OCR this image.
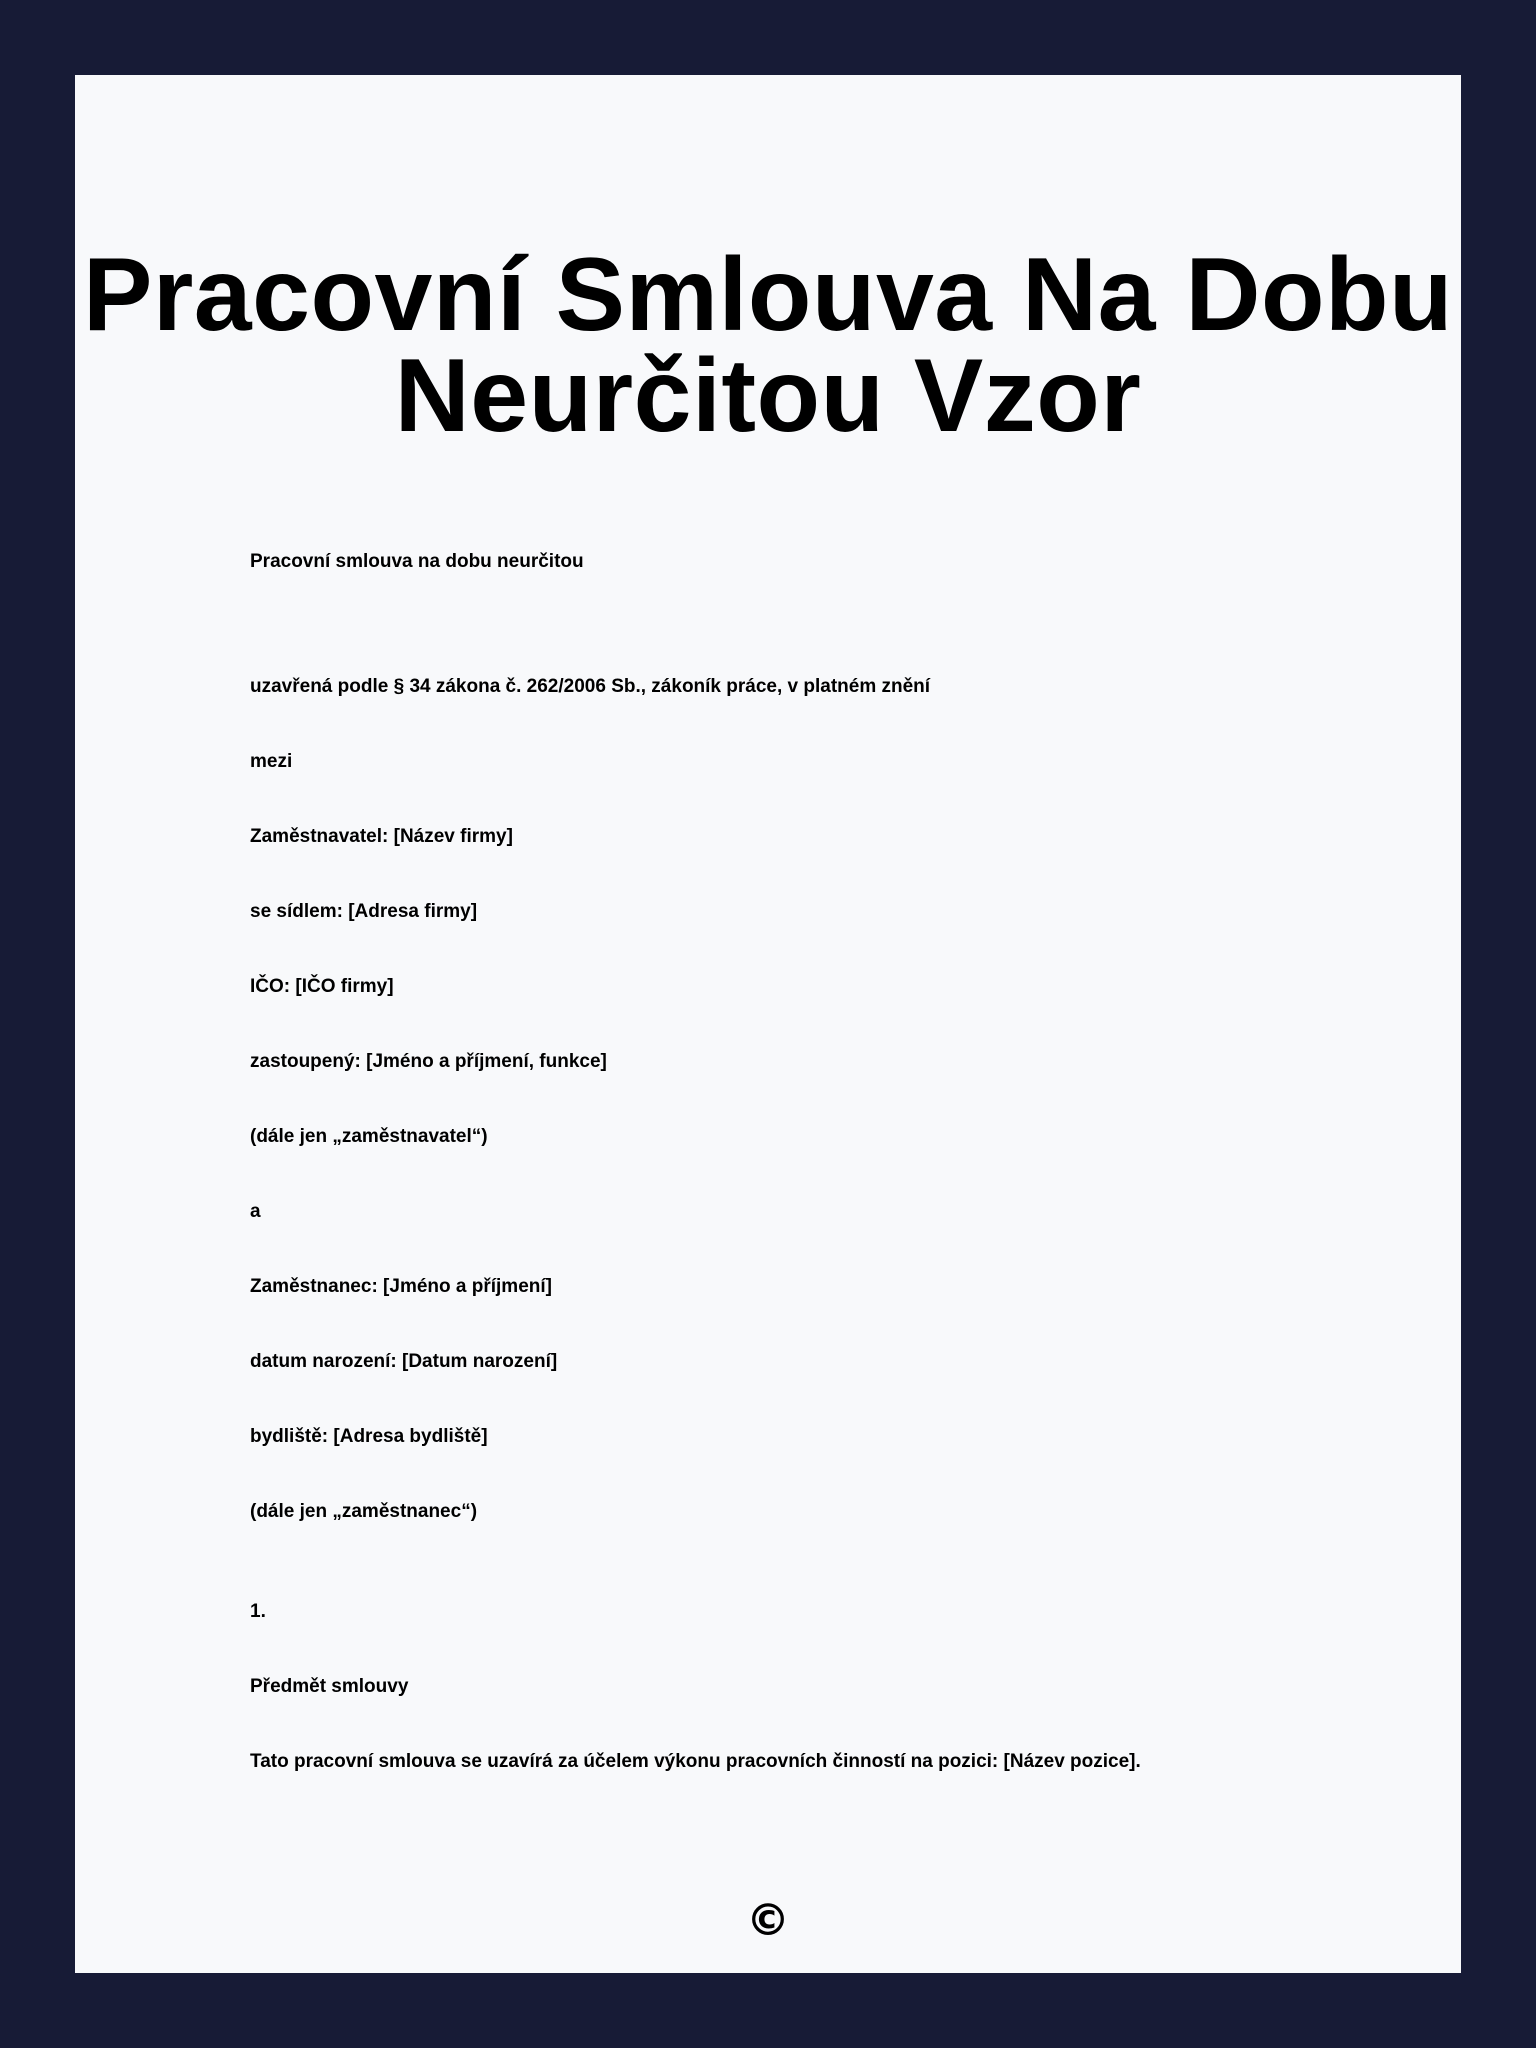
Pracovní Smlouva Na Dobu Neurčitou Vzor

Pracovní smlouva na dobu neurčitou

uzavřená podle § 34 zákona č. 262/2006 Sb., zákoník práce, v platném znění

mezi

Zaměstnavatel: [Název firmy]

se sídlem: [Adresa firmy]

IČO: [IČO firmy]

zastoupený: [Jméno a příjmení, funkce]

(dále jen „zaměstnavatel“)

a

Zaměstnanec: [Jméno a příjmení]

datum narození: [Datum narození]

bydliště: [Adresa bydliště]

(dále jen „zaměstnanec“)

1.

Předmět smlouvy

Tato pracovní smlouva se uzavírá za účelem výkonu pracovních činností na pozici: [Název pozice].

©
